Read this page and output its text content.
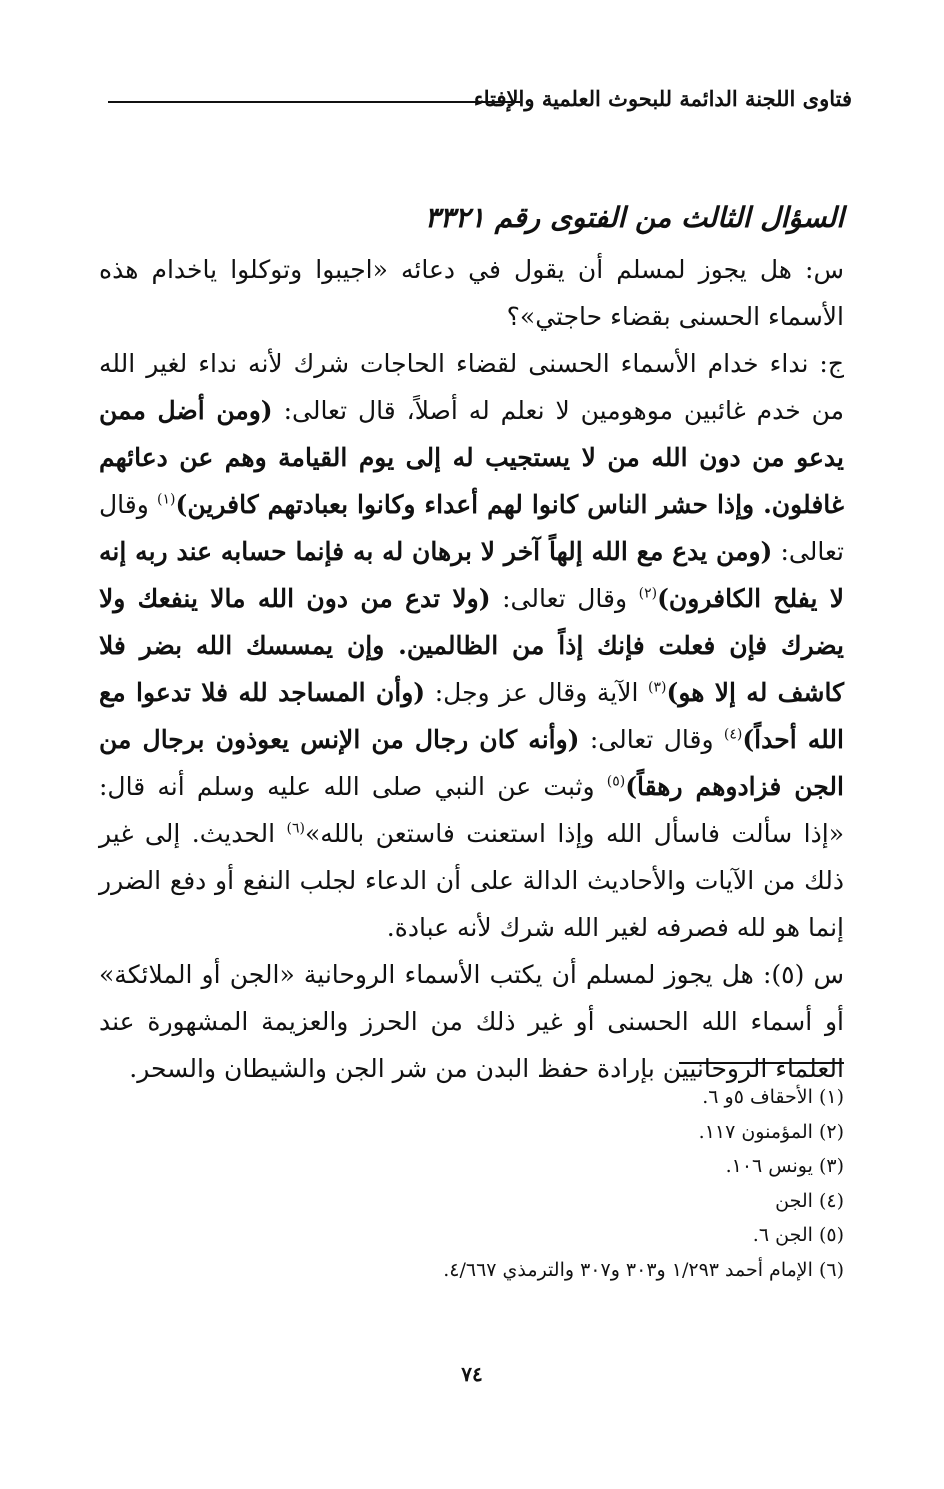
فتاوى اللجنة الدائمة للبحوث العلمية والإفتاء

السؤال الثالث من الفتوى رقم ٣٣٢١

س: هل يجوز لمسلم أن يقول في دعائه «اجيبوا وتوكلوا ياخدام هذه الأسماء الحسنى بقضاء حاجتي»؟

ج: نداء خدام الأسماء الحسنى لقضاء الحاجات شرك لأنه نداء لغير الله من خدم غائبين موهومين لا نعلم له أصلاً، قال تعالى: (ومن أضل ممن يدعو من دون الله من لا يستجيب له إلى يوم القيامة وهم عن دعائهم غافلون. وإذا حشر الناس كانوا لهم أعداء وكانوا بعبادتهم كافرين)$^{(١)}$ وقال تعالى: (ومن يدع مع الله إلهاً آخر لا برهان له به فإنما حسابه عند ربه إنه لا يفلح الكافرون)$^{(٢)}$ وقال تعالى: (ولا تدع من دون الله مالا ينفعك ولا يضرك فإن فعلت فإنك إذاً من الظالمين. وإن يمسسك الله بضر فلا كاشف له إلا هو)$^{(٣)}$ الآية وقال عز وجل: (وأن المساجد لله فلا تدعوا مع الله أحداً)$^{(٤)}$ وقال تعالى: (وأنه كان رجال من الإنس يعوذون برجال من الجن فزادوهم رهقاً)$^{(٥)}$ وثبت عن النبي صلى الله عليه وسلم أنه قال: «إذا سألت فاسأل الله وإذا استعنت فاستعن بالله»$^{(٦)}$ الحديث. إلى غير ذلك من الآيات والأحاديث الدالة على أن الدعاء لجلب النفع أو دفع الضرر إنما هو لله فصرفه لغير الله شرك لأنه عبادة.

س (٥): هل يجوز لمسلم أن يكتب الأسماء الروحانية «الجن أو الملائكة» أو أسماء الله الحسنى أو غير ذلك من الحرز والعزيمة المشهورة عند العلماء الروحانيين بإرادة حفظ البدن من شر الجن والشيطان والسحر.

(١) الأحقاف ٥و ٦.
(٢) المؤمنون ١١٧.
(٣) يونس ١٠٦.
(٤) الجن
(٥) الجن ٦.
(٦) الإمام أحمد ١/٢٩٣ و٣٠٣ و٣٠٧ والترمذي ٤/٦٦٧.
٧٤
